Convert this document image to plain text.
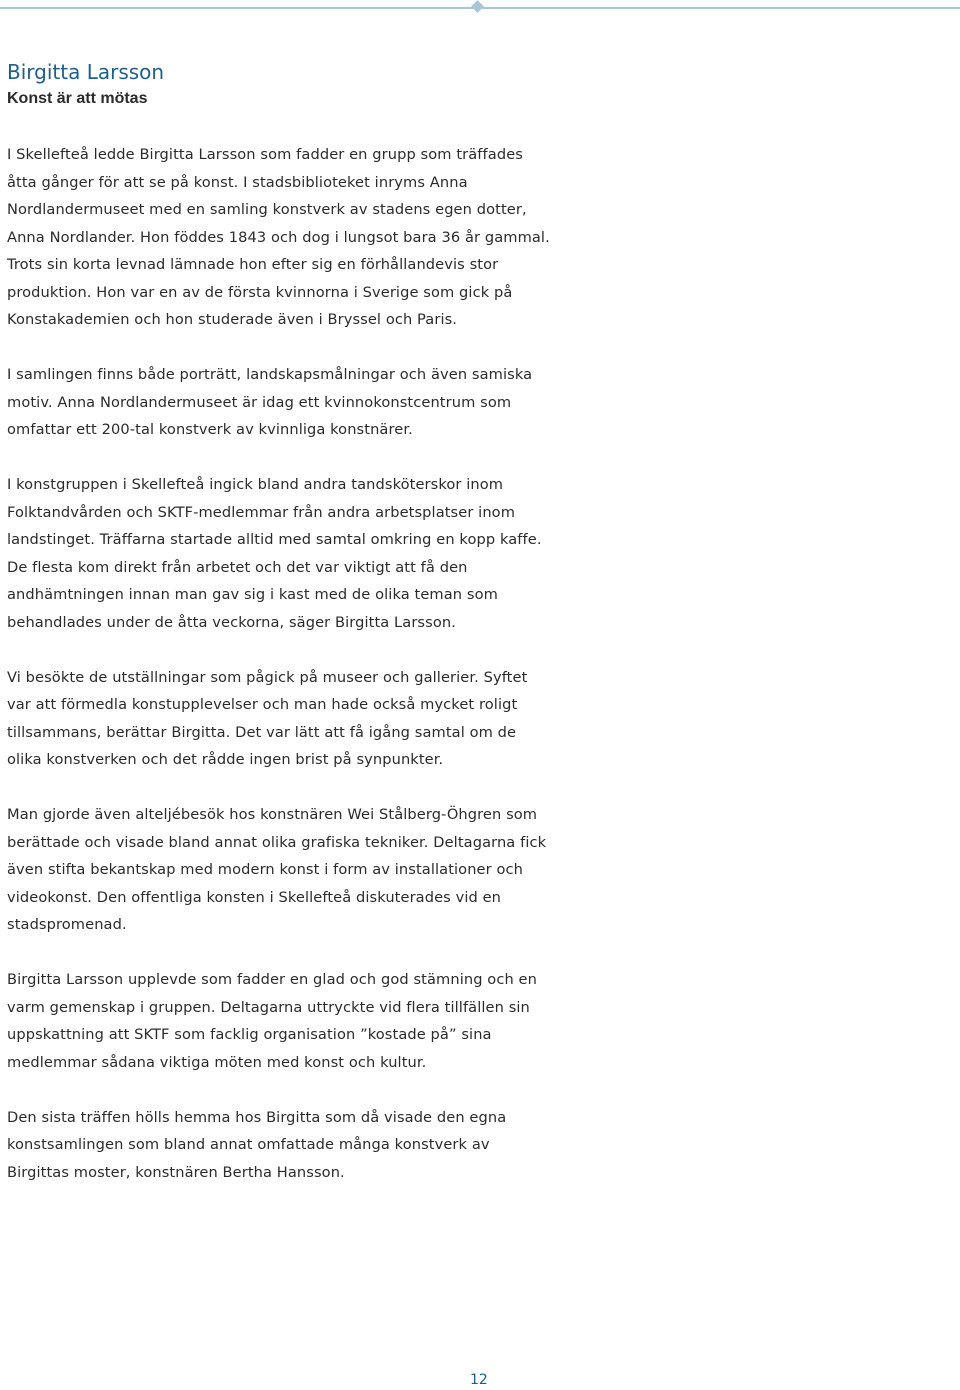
Birgitta Larsson
Konst är att mötas

I Skellefteå ledde Birgitta Larsson som fadder en grupp som träffades åtta gånger för att se på konst. I stadsbiblioteket inryms Anna Nordlandermuseet med en samling konstverk av stadens egen dotter, Anna Nordlander. Hon föddes 1843 och dog i lungsot bara 36 år gammal. Trots sin korta levnad lämnade hon efter sig en förhållandevis stor produktion. Hon var en av de första kvinnorna i Sverige som gick på Konstakademien och hon studerade även i Bryssel och Paris.

I samlingen finns både porträtt, landskapsmålningar och även samiska motiv. Anna Nordlandermuseet är idag ett kvinnokonstcentrum som omfattar ett 200-tal konstverk av kvinnliga konstnärer.

I konstgruppen i Skellefteå ingick bland andra tandsköterskor inom Folktandvården och SKTF-medlemmar från andra arbetsplatser inom landstinget. Träffarna startade alltid med samtal omkring en kopp kaffe. De flesta kom direkt från arbetet och det var viktigt att få den andhämtningen innan man gav sig i kast med de olika teman som behandlades under de åtta veckorna, säger Birgitta Larsson.

Vi besökte de utställningar som pågick på museer och gallerier. Syftet var att förmedla konstupplevelser och man hade också mycket roligt tillsammans, berättar Birgitta. Det var lätt att få igång samtal om de olika konstverken och det rådde ingen brist på synpunkter.

Man gjorde även alteljébesök hos konstnären Wei Stålberg-Öhgren som berättade och visade bland annat olika grafiska tekniker. Deltagarna fick även stifta bekantskap med modern konst i form av installationer och videokonst. Den offentliga konsten i Skellefteå diskuterades vid en stadspromenad.

Birgitta Larsson upplevde som fadder en glad och god stämning och en varm gemenskap i gruppen. Deltagarna uttryckte vid flera tillfällen sin uppskattning att SKTF som facklig organisation ”kostade på” sina medlemmar sådana viktiga möten med konst och kultur.

Den sista träffen hölls hemma hos Birgitta som då visade den egna konstsamlingen som bland annat omfattade många konstverk av Birgittas moster, konstnären Bertha Hansson.

12
